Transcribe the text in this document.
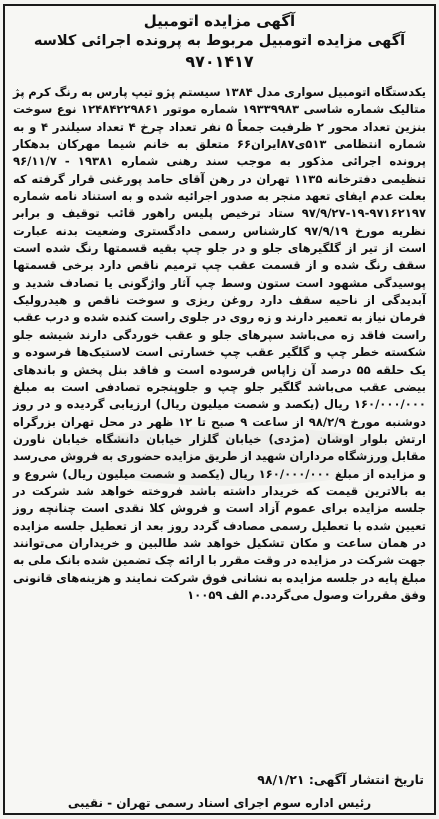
آگهی مزایده اتومبیل
آگهی مزایده اتومبیل مربوط به پرونده اجرائی کلاسه
۹۷۰۱۴۱۷

یکدستگاه اتومبیل سواری مدل ۱۳۸۴ سیستم پژو تیپ پارس به رنگ کرم پژ متالیک شماره شاسی ۱۹۳۳۹۹۸۳ شماره موتور ۱۲۴۸۴۲۲۹۸۶۱ نوع سوخت بنزین تعداد محور ۲ ظرفیت جمعاً ۵ نفر تعداد چرخ ۴ تعداد سیلندر ۴ و به شماره انتظامی ۵۱۳ی۸۷ایران۶۶ متعلق به خانم شیما مهرکان بدهکار پرونده اجرائی مذکور به موجب سند رهنی شماره ۱۹۳۸۱ - ۹۶/۱۱/۷ تنظیمی دفترخانه ۱۱۳۵ تهران در رهن آقای حامد پورغنی قرار گرفته که بعلت عدم ایفای تعهد منجر به صدور اجرائیه شده و به استناد نامه شماره ۹۷۱۶۲۱۹۷-۱۹-۹۷/۹/۲۷ ستاد ترخیص پلیس راهور قائب توقیف و برابر نظریه مورخ ۹۷/۹/۱۹ کارشناس رسمی دادگستری وضعیت بدنه عبارت است از تیر از گلگیرهای جلو و در جلو چپ بقیه قسمتها رنگ شده است سقف رنگ شده و از قسمت عقب چپ ترمیم ناقص دارد برخی قسمتها پوسیدگی مشهود است ستون وسط چپ آثار واژگونی یا تصادف شدید و آبدیدگی از ناحیه سقف دارد روغن ریزی و سوخت ناقص و هیدرولیک فرمان نیاز به تعمیر دارند و زه روی در جلوی راست کنده شده و درب عقب راست فاقد زه می‌باشد سپرهای جلو و عقب خوردگی دارند شیشه جلو شکسته خطر چپ و گلگیر عقب چپ خسارتی است لاستیک‌ها فرسوده و یک حلقه ۵۵ درصد آن زاپاس فرسوده است و فاقد بنل پخش و باندهای بیضی عقب می‌باشد گلگیر جلو چپ و جلوپنجره تصادفی است به مبلغ ۱۶۰/۰۰۰/۰۰۰ ریال (یکصد و شصت میلیون ریال) ارزیابی گردیده و در روز دوشنبه مورخ ۹۸/۲/۹ از ساعت ۹ صبح تا ۱۲ ظهر در محل تهران بزرگراه ارتش بلوار اوشان (مژدی) خیابان گلزار خیابان دانشگاه خیابان ناورن مقابل ورزشگاه مرداران شهید از طریق مزایده حضوری به فروش می‌رسد و مزایده از مبلغ ۱۶۰/۰۰۰/۰۰۰ ریال (یکصد و شصت میلیون ریال) شروع و به بالاترین قیمت که خریدار داشته باشد فروخته خواهد شد شرکت در جلسه مزایده برای عموم آزاد است و فروش کلا نقدی است چنانچه روز تعیین شده با تعطیل رسمی مصادف گردد روز بعد از تعطیل جلسه مزایده در همان ساعت و مکان تشکیل خواهد شد طالبین و خریداران می‌توانند جهت شرکت در مزایده در وقت مقرر با ارائه چک تضمین شده بانک ملی به مبلغ پایه در جلسه مزایده به نشانی فوق شرکت نمایند و هزینه‌های قانونی وفق مقررات وصول می‌گردد.م الف ۱۰۰۵۹

تاریخ انتشار آگهی: ۹۸/۱/۲۱
رئیس اداره سوم اجرای اسناد رسمی تهران - نقیبی
